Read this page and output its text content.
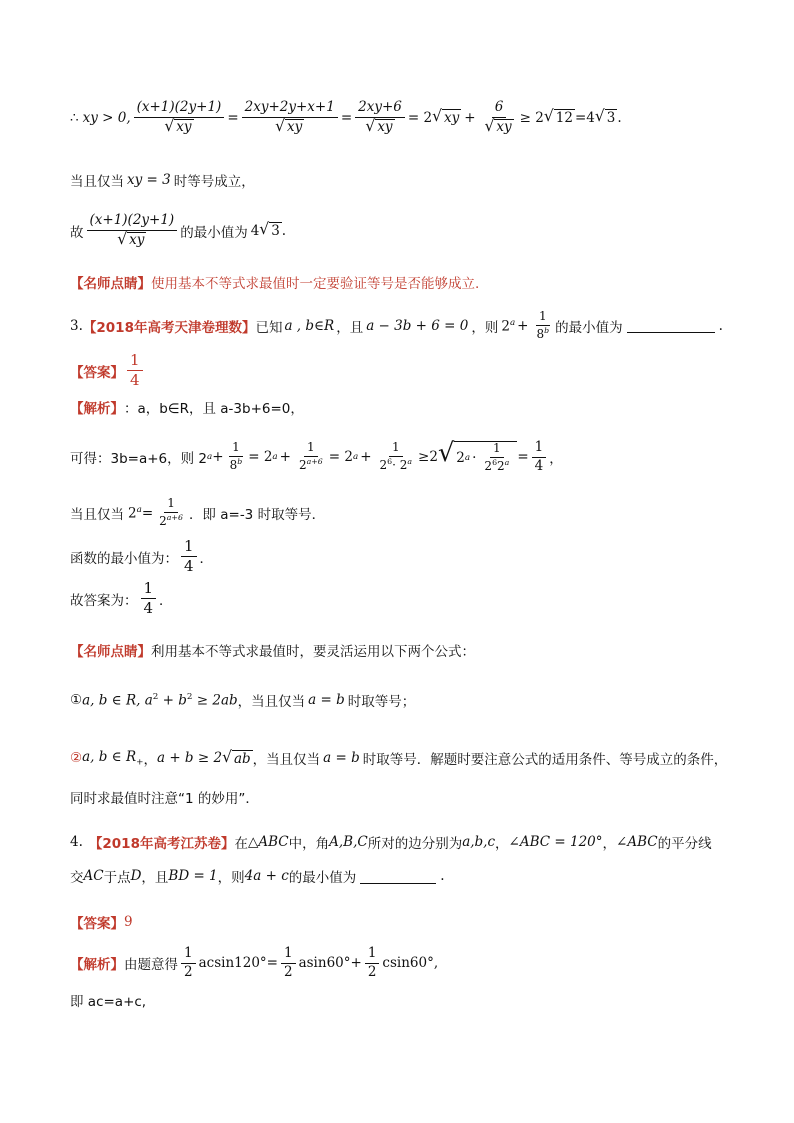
∴ xy > 0, $\frac{(x+1)(2y+1)}{√ xy} = \frac{2xy+2y+x+1}{√ xy} = \frac{2xy+6}{√ xy} = 2$ √ xy + $\frac{6}{√ xy} \ge 2$ √ 12 =4 √ 3 .
当且仅当 xy = 3 时等号成立，
故 $\frac{(x+1)(2y+1)}{√ xy}$ 的最小值为 4 √ 3 .
【名师点睛】 使用基本不等式求最值时一定要验证等号是否能够成立.
3. 【2018年高考天津卷理数】 已知 a , b∈R ，且 a − 3b + 6 = 0 ，则 $2^a + \frac{1}{8^b}$ 的最小值为	.
【答案】 $\frac{1}{4}$
【解析】 ：a，b∈R，且 a-3b+6=0，
可得：3b=a+6，则 2 $a + \frac{1}{8^b} = 2$ $a + \frac{1}{2^{a+6}} = 2$ $a + \frac{1}{2^6\cdot 2^a} \ge 2$ √ 2 $a \cdot \frac{1}{2^62^a} = \frac{1}{4}$ ，
当且仅当 $2^a= \frac{1}{2^{a+6}}$ ．即 a=-3 时取等号．
函数的最小值为： $\frac{1}{4}$ ．
故答案为： $\frac{1}{4}$ ．
【名师点睛】 利用基本不等式求最值时，要灵活运用以下两个公式：
① a, b ∈ R, $a^2 + b^2 \ge 2ab$ ，当且仅当 a = b 时取等号；
② a, b ∈ $R_+$ ， a + b ≥ 2 √ ab ，当且仅当 a = b 时取等号．解题时要注意公式的适用条件、等号成立的条件，
同时求最值时注意“1 的妙用”．
4. 【2018年高考江苏卷】 在 △ABC 中，角 A,B,C 所对的边分别为 a,b,c ， ∠ABC = 120° ， ∠ABC 的平分线
交 AC 于点 D ，且 BD = 1 ，则 4a + c 的最小值为	.
【答案】 9
【解析】 由题意得 $\frac{1}{2} acsin120^\circ= \frac{1}{2} asin60^\circ+ \frac{1}{2} csin60^\circ$,
即 ac=a+c,
